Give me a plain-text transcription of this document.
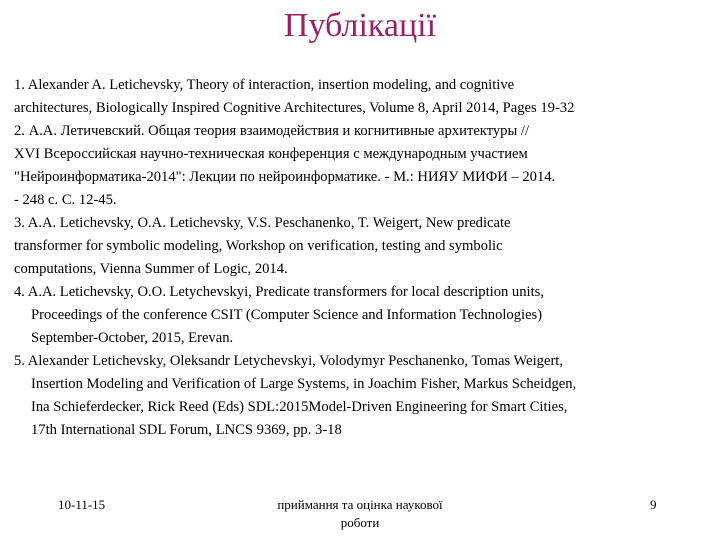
Публікації
1. Alexander A. Letichevsky, Theory of interaction, insertion modeling, and cognitive
architectures, Biologically Inspired Cognitive Architectures, Volume 8, April 2014, Pages 19-32
2. А.А. Летичевский. Общая теория взаимодействия и когнитивные архитектуры //
XVI Всероссийская научно-техническая конференция с международным участием
"Нейроинформатика-2014": Лекции по нейроинформатике. - М.: НИЯУ МИФИ – 2014.
- 248 с. С. 12-45.
3. A.A. Letichevsky, O.A. Letichevsky, V.S. Peschanenko, T. Weigert, New predicate
transformer for symbolic modeling, Workshop on verification, testing and symbolic
computations, Vienna Summer of Logic, 2014.
4. A.A. Letichevsky, O.O. Letychevskyi, Predicate transformers for local description units,
Proceedings of the conference CSIT (Computer Science and Information Technologies)
September-October, 2015, Erevan.
5. Alexander Letichevsky, Oleksandr Letychevskyi, Volodymyr Peschanenko, Tomas Weigert,
Insertion Modeling and Verification of Large Systems, in Joachim Fisher, Markus Scheidgen,
Ina Schieferdecker, Rick Reed (Eds) SDL:2015Model-Driven Engineering for Smart Cities,
17th International SDL Forum, LNCS 9369, pp. 3-18
10-11-15	приймання та оцінка наукової
роботи
9
